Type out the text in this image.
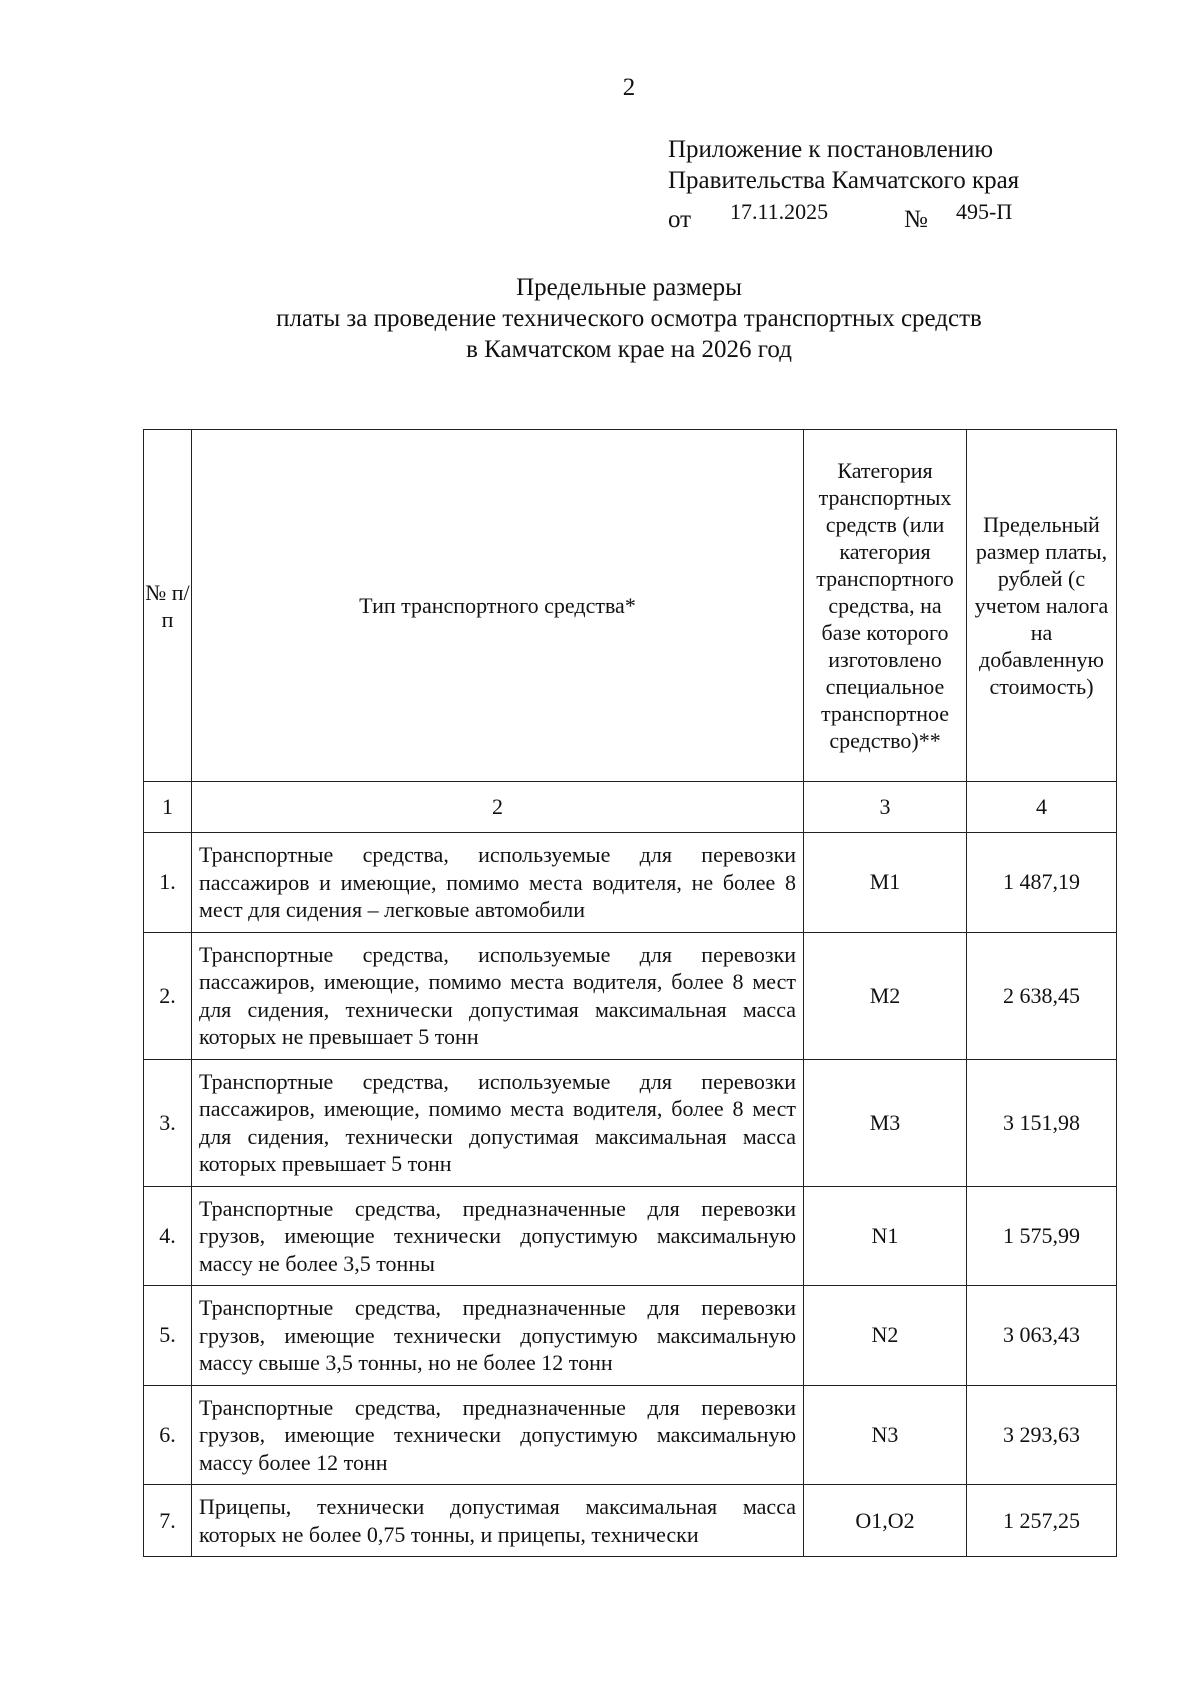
2
Приложение к постановлению
Правительства Камчатского края
от 17.11.2025	№ 495-П
Предельные размеры
платы за проведение технического осмотра транспортных средств
в Камчатском крае на 2026 год
№ п/п	Тип транспортного средства*	Категория транспортных средств (или категория транспортного средства, на базе которого изготовлено специальное транспортное средство)**	Предельный размер платы, рублей (с учетом налога на добавленную стоимость)
1	2	3	4
1.	Транспортные средства, используемые для перевозки пассажиров и имеющие, помимо места водителя, не более 8 мест для сидения – легковые автомобили	M1	1 487,19
2.	Транспортные средства, используемые для перевозки пассажиров, имеющие, помимо места водителя, более 8 мест для сидения, технически допустимая максимальная масса которых не превышает 5 тонн	M2	2 638,45
3.	Транспортные средства, используемые для перевозки пассажиров, имеющие, помимо места водителя, более 8 мест для сидения, технически допустимая максимальная масса которых превышает 5 тонн	M3	3 151,98
4.	Транспортные средства, предназначенные для перевозки грузов, имеющие технически допустимую максимальную массу не более 3,5 тонны	N1	1 575,99
5.	Транспортные средства, предназначенные для перевозки грузов, имеющие технически допустимую максимальную массу свыше 3,5 тонны, но не более 12 тонн	N2	3 063,43
6.	Транспортные средства, предназначенные для перевозки грузов, имеющие технически допустимую максимальную массу более 12 тонн	N3	3 293,63
7.	Прицепы, технически допустимая максимальная масса которых не более 0,75 тонны, и прицепы, технически	O1,O2	1 257,25
